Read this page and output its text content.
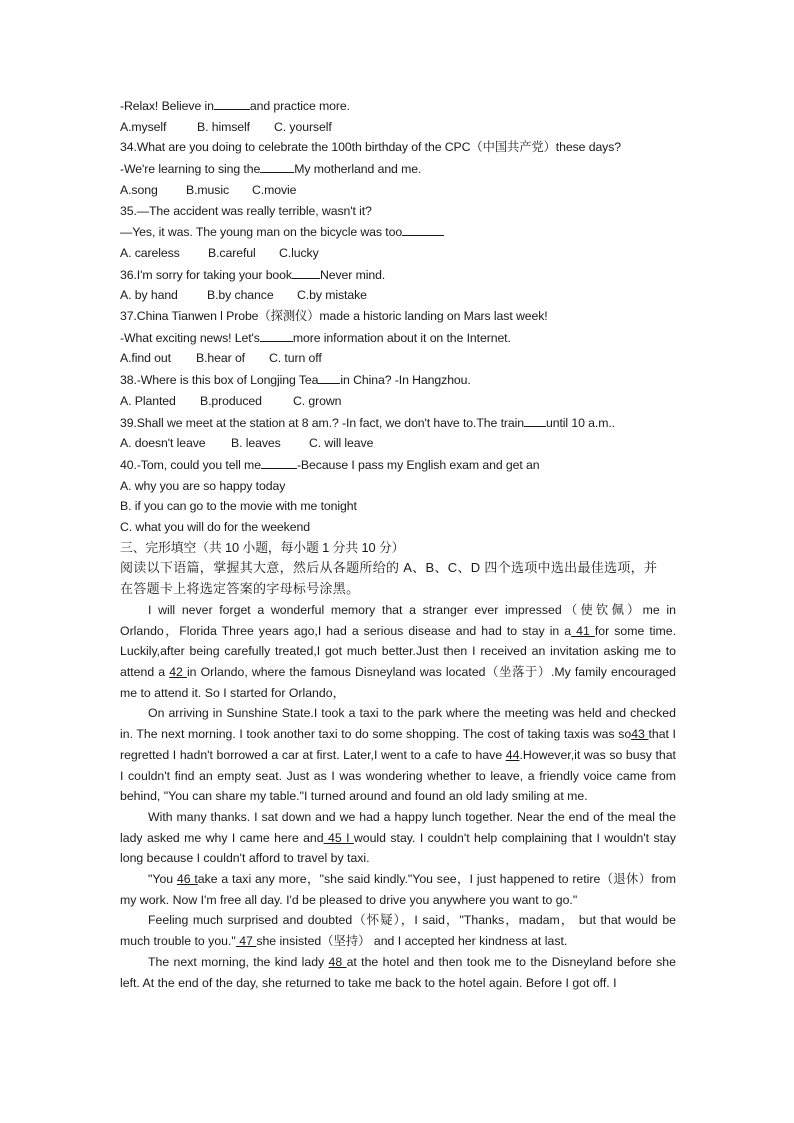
-Relax! Believe in	and practice more.
A.myself B. himself C. yourself
34.What are you doing to celebrate the 100th birthday of the CPC（中国共产党）these days?
-We're learning to sing the	My motherland and me.
A.song B.music C.movie
35.—The accident was really terrible, wasn't it?
—Yes, it was. The young man on the bicycle was too
A. careless B.careful C.lucky
36.I'm sorry for taking your book Never mind.
A. by hand B.by chance C.by mistake
37.China Tianwen l Probe（探测仪）made a historic landing on Mars last week!
-What exciting news! Let's	more information about it on the Internet.
A.find out B.hear of C. turn off
38.-Where is this box of Longjing Tea in China? -In Hangzhou.
A. Planted B.produced	C. grown
39.Shall we meet at the station at 8 am.? -In fact, we don't have to.The train until 10 a.m..
A. doesn't leave B. leaves C. will leave
40.-Tom, could you tell me	-Because I pass my English exam and get an
A. why you are so happy today
B. if you can go to the movie with me tonight
C. what you will do for the weekend
三、完形填空（共 10 小题，每小题 1 分共 10 分）
阅读以下语篇，掌握其大意，然后从各题所给的 A、B、C、D 四个选项中选出最佳选项，并
在答题卡上将选定答案的字母标号涂黑。

I will never forget a wonderful memory that a stranger ever impressed（使钦佩）me in Orlando，Florida Three years ago,I had a serious disease and had to stay in a 41 for some time. Luckily,after being carefully treated,I got much better.Just then I received an invitation asking me to attend a 42 in Orlando, where the famous Disneyland was located（坐落于）.My family encouraged me to attend it. So I started for Orlando，

On arriving in Sunshine State.I took a taxi to the park where the meeting was held and checked in. The next morning. I took another taxi to do some shopping. The cost of taking taxis was so43 that I regretted I hadn't borrowed a car at first. Later,I went to a cafe to have 44.However,it was so busy that I couldn't find an empty seat. Just as I was wondering whether to leave, a friendly voice came from behind, "You can share my table."I turned around and found an old lady smiling at me.

With many thanks. I sat down and we had a happy lunch together. Near the end of the meal the lady asked me why I came here and 45 I would stay. I couldn't help complaining that I wouldn't stay long because I couldn't afford to travel by taxi.

"You 46 take a taxi any more，"she said kindly."You see，I just happened to retire（退休）from my work. Now I'm free all day. I'd be pleased to drive you anywhere you want to go."

Feeling much surprised and doubted（怀疑），I said，"Thanks，madam， but that would be much trouble to you." 47 she insisted（坚持） and I accepted her kindness at last.

The next morning, the kind lady 48 at the hotel and then took me to the Disneyland before she left. At the end of the day, she returned to take me back to the hotel again. Before I got off. I
